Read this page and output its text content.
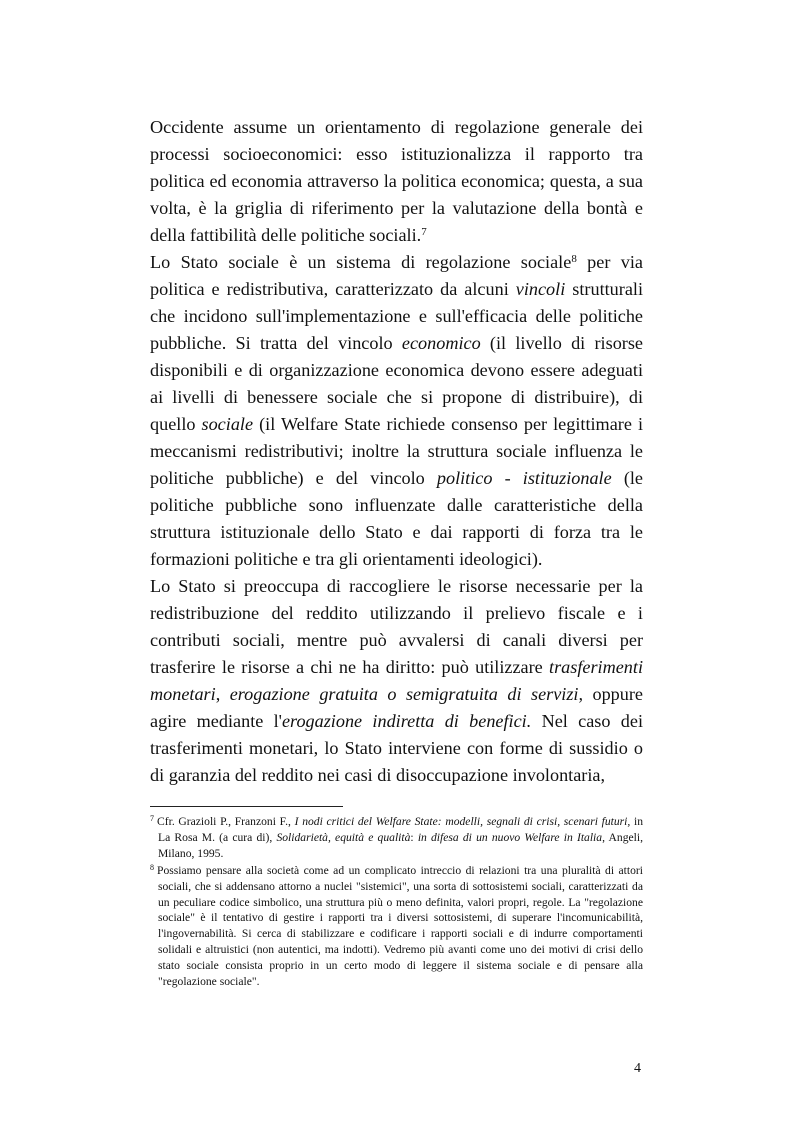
Occidente assume un orientamento di regolazione generale dei processi socioeconomici: esso istituzionalizza il rapporto tra politica ed economia attraverso la politica economica; questa, a sua volta, è la griglia di riferimento per la valutazione della bontà e della fattibilità delle politiche sociali.$^7$

Lo Stato sociale è un sistema di regolazione sociale$^8$ per via politica e redistributiva, caratterizzato da alcuni vincoli strutturali che incidono sull'implementazione e sull'efficacia delle politiche pubbliche. Si tratta del vincolo economico (il livello di risorse disponibili e di organizzazione economica devono essere adeguati ai livelli di benessere sociale che si propone di distribuire), di quello sociale (il Welfare State richiede consenso per legittimare i meccanismi redistributivi; inoltre la struttura sociale influenza le politiche pubbliche) e del vincolo politico - istituzionale (le politiche pubbliche sono influenzate dalle caratteristiche della struttura istituzionale dello Stato e dai rapporti di forza tra le formazioni politiche e tra gli orientamenti ideologici).

Lo Stato si preoccupa di raccogliere le risorse necessarie per la redistribuzione del reddito utilizzando il prelievo fiscale e i contributi sociali, mentre può avvalersi di canali diversi per trasferire le risorse a chi ne ha diritto: può utilizzare trasferimenti monetari, erogazione gratuita o semigratuita di servizi, oppure agire mediante l'erogazione indiretta di benefici. Nel caso dei trasferimenti monetari, lo Stato interviene con forme di sussidio o di garanzia del reddito nei casi di disoccupazione involontaria,

$^7$ Cfr. Grazioli P., Franzoni F., I nodi critici del Welfare State: modelli, segnali di crisi, scenari futuri, in La Rosa M. (a cura di), Solidarietà, equità e qualità: in difesa di un nuovo Welfare in Italia, Angeli, Milano, 1995.

$^8$ Possiamo pensare alla società come ad un complicato intreccio di relazioni tra una pluralità di attori sociali, che si addensano attorno a nuclei "sistemici", una sorta di sottosistemi sociali, caratterizzati da un peculiare codice simbolico, una struttura più o meno definita, valori propri, regole. La "regolazione sociale" è il tentativo di gestire i rapporti tra i diversi sottosistemi, di superare l'incomunicabilità, l'ingovernabilità. Si cerca di stabilizzare e codificare i rapporti sociali e di indurre comportamenti solidali e altruistici (non autentici, ma indotti). Vedremo più avanti come uno dei motivi di crisi dello stato sociale consista proprio in un certo modo di leggere il sistema sociale e di pensare alla "regolazione sociale".

4
